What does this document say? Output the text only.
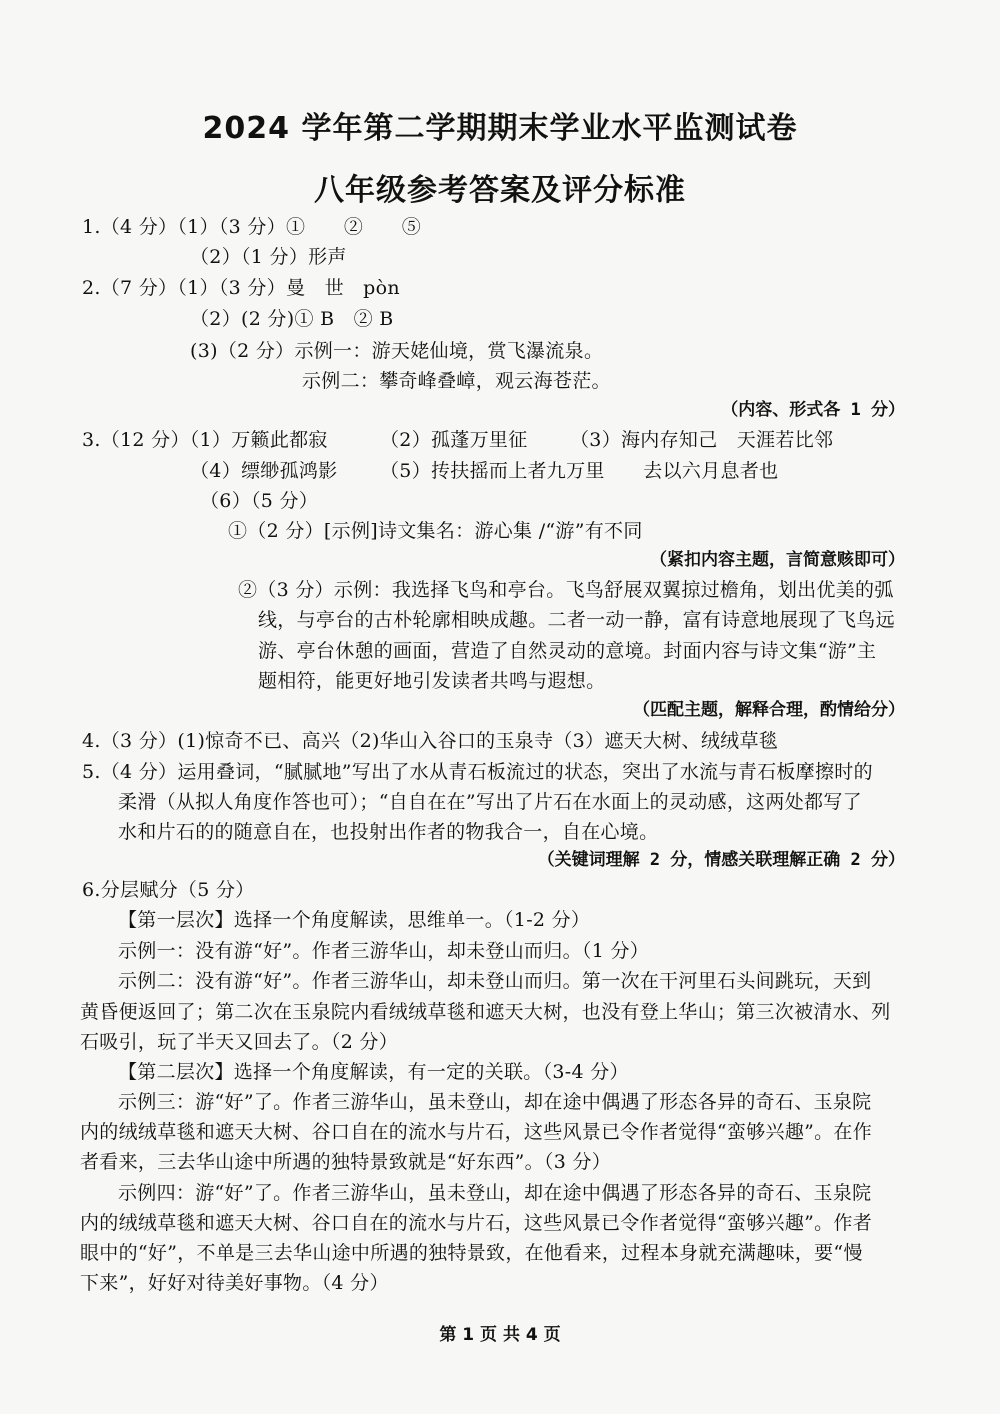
2024 学年第二学期期末学业水平监测试卷
八年级参考答案及评分标准
1.（4 分）（1）（3 分）①　　②　　⑤
（2）（1 分）形声
2.（7 分）（1）（3 分）曼　世　pòn
（2）(2 分)① B　② B
(3)（2 分）示例一：游天姥仙境，赏飞瀑流泉。
示例二：攀奇峰叠嶂，观云海苍茫。
（内容、形式各 1 分）
3.（12 分）（1）万籁此都寂	（2）孤蓬万里征 （3）海内存知己　天涯若比邻
（4）缥缈孤鸿影 （5）抟扶摇而上者九万里　　去以六月息者也
（6）（5 分）
①（2 分）[示例]诗文集名：游心集 /“游”有不同
（紧扣内容主题，言简意赅即可）
②（3 分）示例：我选择飞鸟和亭台。飞鸟舒展双翼掠过檐角，划出优美的弧
线，与亭台的古朴轮廓相映成趣。二者一动一静，富有诗意地展现了飞鸟远
游、亭台休憩的画面，营造了自然灵动的意境。封面内容与诗文集“游”主
题相符，能更好地引发读者共鸣与遐想。
（匹配主题，解释合理，酌情给分）
4.（3 分）(1)惊奇不已、高兴（2)华山入谷口的玉泉寺（3）遮天大树、绒绒草毯
5.（4 分）运用叠词，“腻腻地”写出了水从青石板流过的状态，突出了水流与青石板摩擦时的
柔滑（从拟人角度作答也可）；“自自在在”写出了片石在水面上的灵动感，这两处都写了
水和片石的的随意自在，也投射出作者的物我合一，自在心境。
（关键词理解 2 分，情感关联理解正确 2 分）
6.分层赋分（5 分）
【第一层次】选择一个角度解读，思维单一。（1-2 分）
示例一：没有游“好”。作者三游华山，却未登山而归。（1 分）
示例二：没有游“好”。作者三游华山，却未登山而归。第一次在干河里石头间跳玩，天到
黄昏便返回了；第二次在玉泉院内看绒绒草毯和遮天大树，也没有登上华山；第三次被清水、列
石吸引，玩了半天又回去了。（2 分）
【第二层次】选择一个角度解读，有一定的关联。（3-4 分）
示例三：游“好”了。作者三游华山，虽未登山，却在途中偶遇了形态各异的奇石、玉泉院
内的绒绒草毯和遮天大树、谷口自在的流水与片石，这些风景已令作者觉得“蛮够兴趣”。在作
者看来，三去华山途中所遇的独特景致就是“好东西”。（3 分）
示例四：游“好”了。作者三游华山，虽未登山，却在途中偶遇了形态各异的奇石、玉泉院
内的绒绒草毯和遮天大树、谷口自在的流水与片石，这些风景已令作者觉得“蛮够兴趣”。作者
眼中的“好”，不单是三去华山途中所遇的独特景致，在他看来，过程本身就充满趣味，要“慢
下来”，好好对待美好事物。（4 分）
第 1 页 共 4 页
